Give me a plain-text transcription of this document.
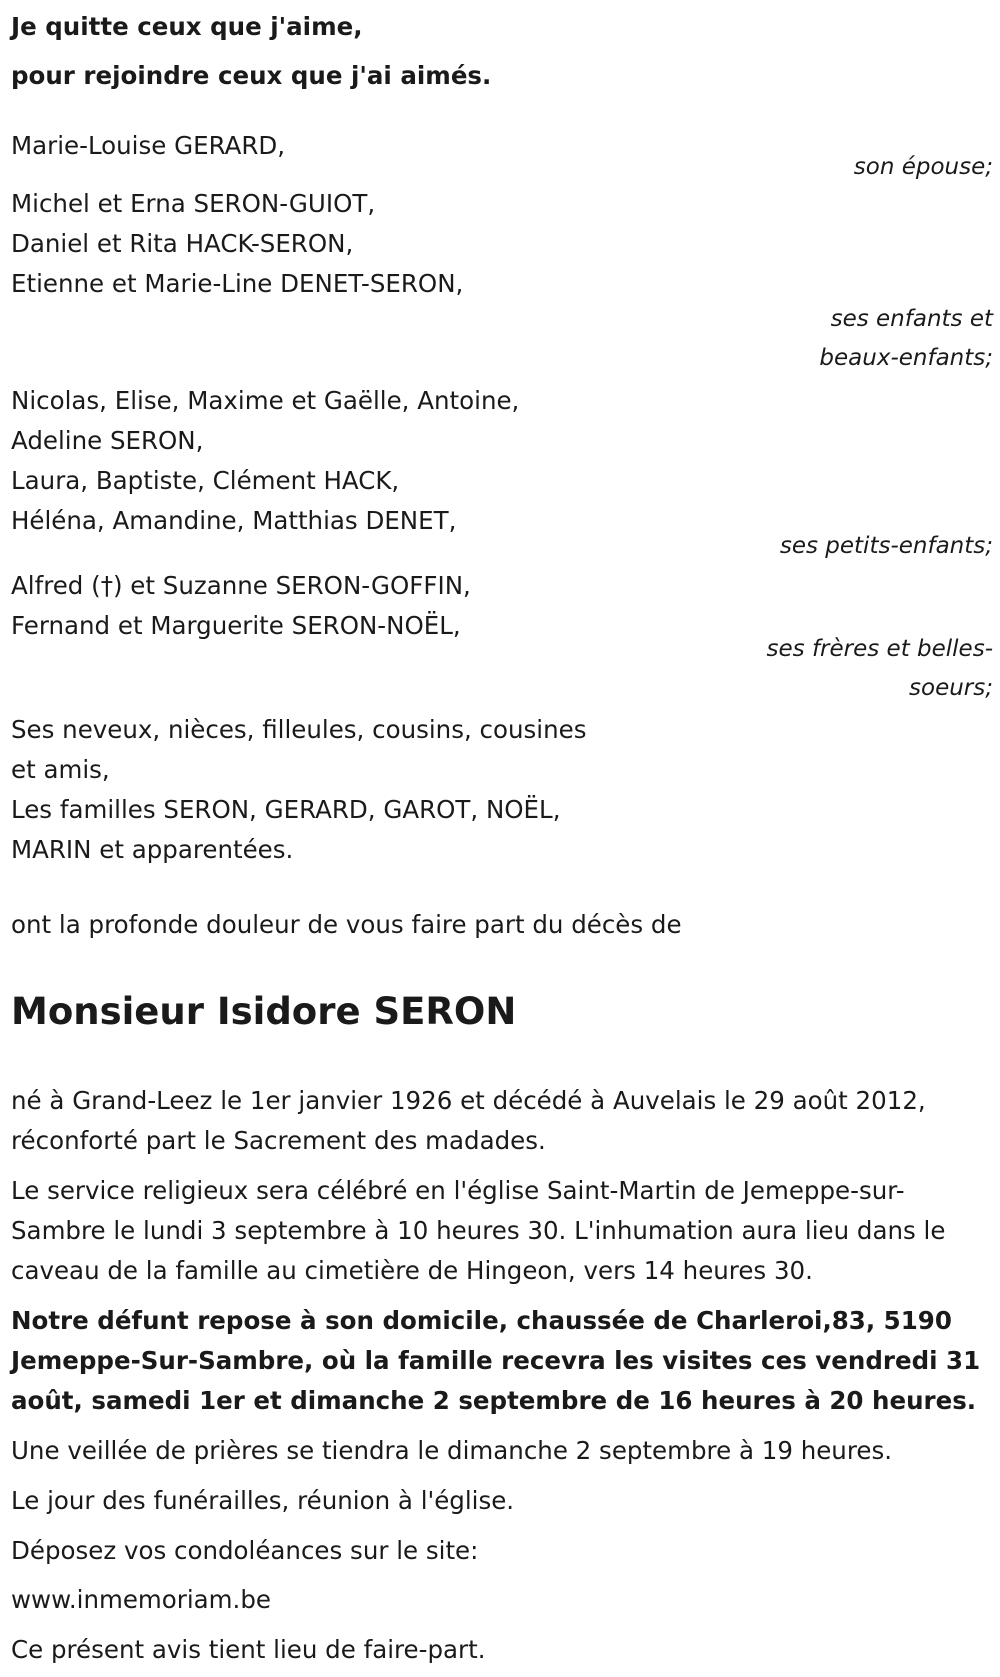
Je quitte ceux que j'aime,

pour rejoindre ceux que j'ai aimés.

Marie-Louise GERARD,

son épouse;

Michel et Erna SERON-GUIOT,

Daniel et Rita HACK-SERON,

Etienne et Marie-Line DENET-SERON,

ses enfants et
beaux-enfants;

Nicolas, Elise, Maxime et Gaëlle, Antoine,

Adeline SERON,

Laura, Baptiste, Clément HACK,

Héléna, Amandine, Matthias DENET,

ses petits-enfants;

Alfred (†) et Suzanne SERON-GOFFIN,

Fernand et Marguerite SERON-NOËL,

ses frères et belles-
soeurs;

Ses neveux, nièces, filleules, cousins, cousines

et amis,

Les familles SERON, GERARD, GAROT, NOËL,

MARIN et apparentées.

ont la profonde douleur de vous faire part du décès de

Monsieur Isidore SERON

né à Grand-Leez le 1er janvier 1926 et décédé à Auvelais le 29 août 2012, réconforté part le Sacrement des madades.

Le service religieux sera célébré en l'église Saint-Martin de Jemeppe-sur-Sambre le lundi 3 septembre à 10 heures 30. L'inhumation aura lieu dans le caveau de la famille au cimetière de Hingeon, vers 14 heures 30.

Notre défunt repose à son domicile, chaussée de Charleroi,83, 5190 Jemeppe-Sur-Sambre, où la famille recevra les visites ces vendredi 31 août, samedi 1er et dimanche 2 septembre de 16 heures à 20 heures.

Une veillée de prières se tiendra le dimanche 2 septembre à 19 heures.

Le jour des funérailles, réunion à l'église.

Déposez vos condoléances sur le site:

www.inmemoriam.be

Ce présent avis tient lieu de faire-part.
